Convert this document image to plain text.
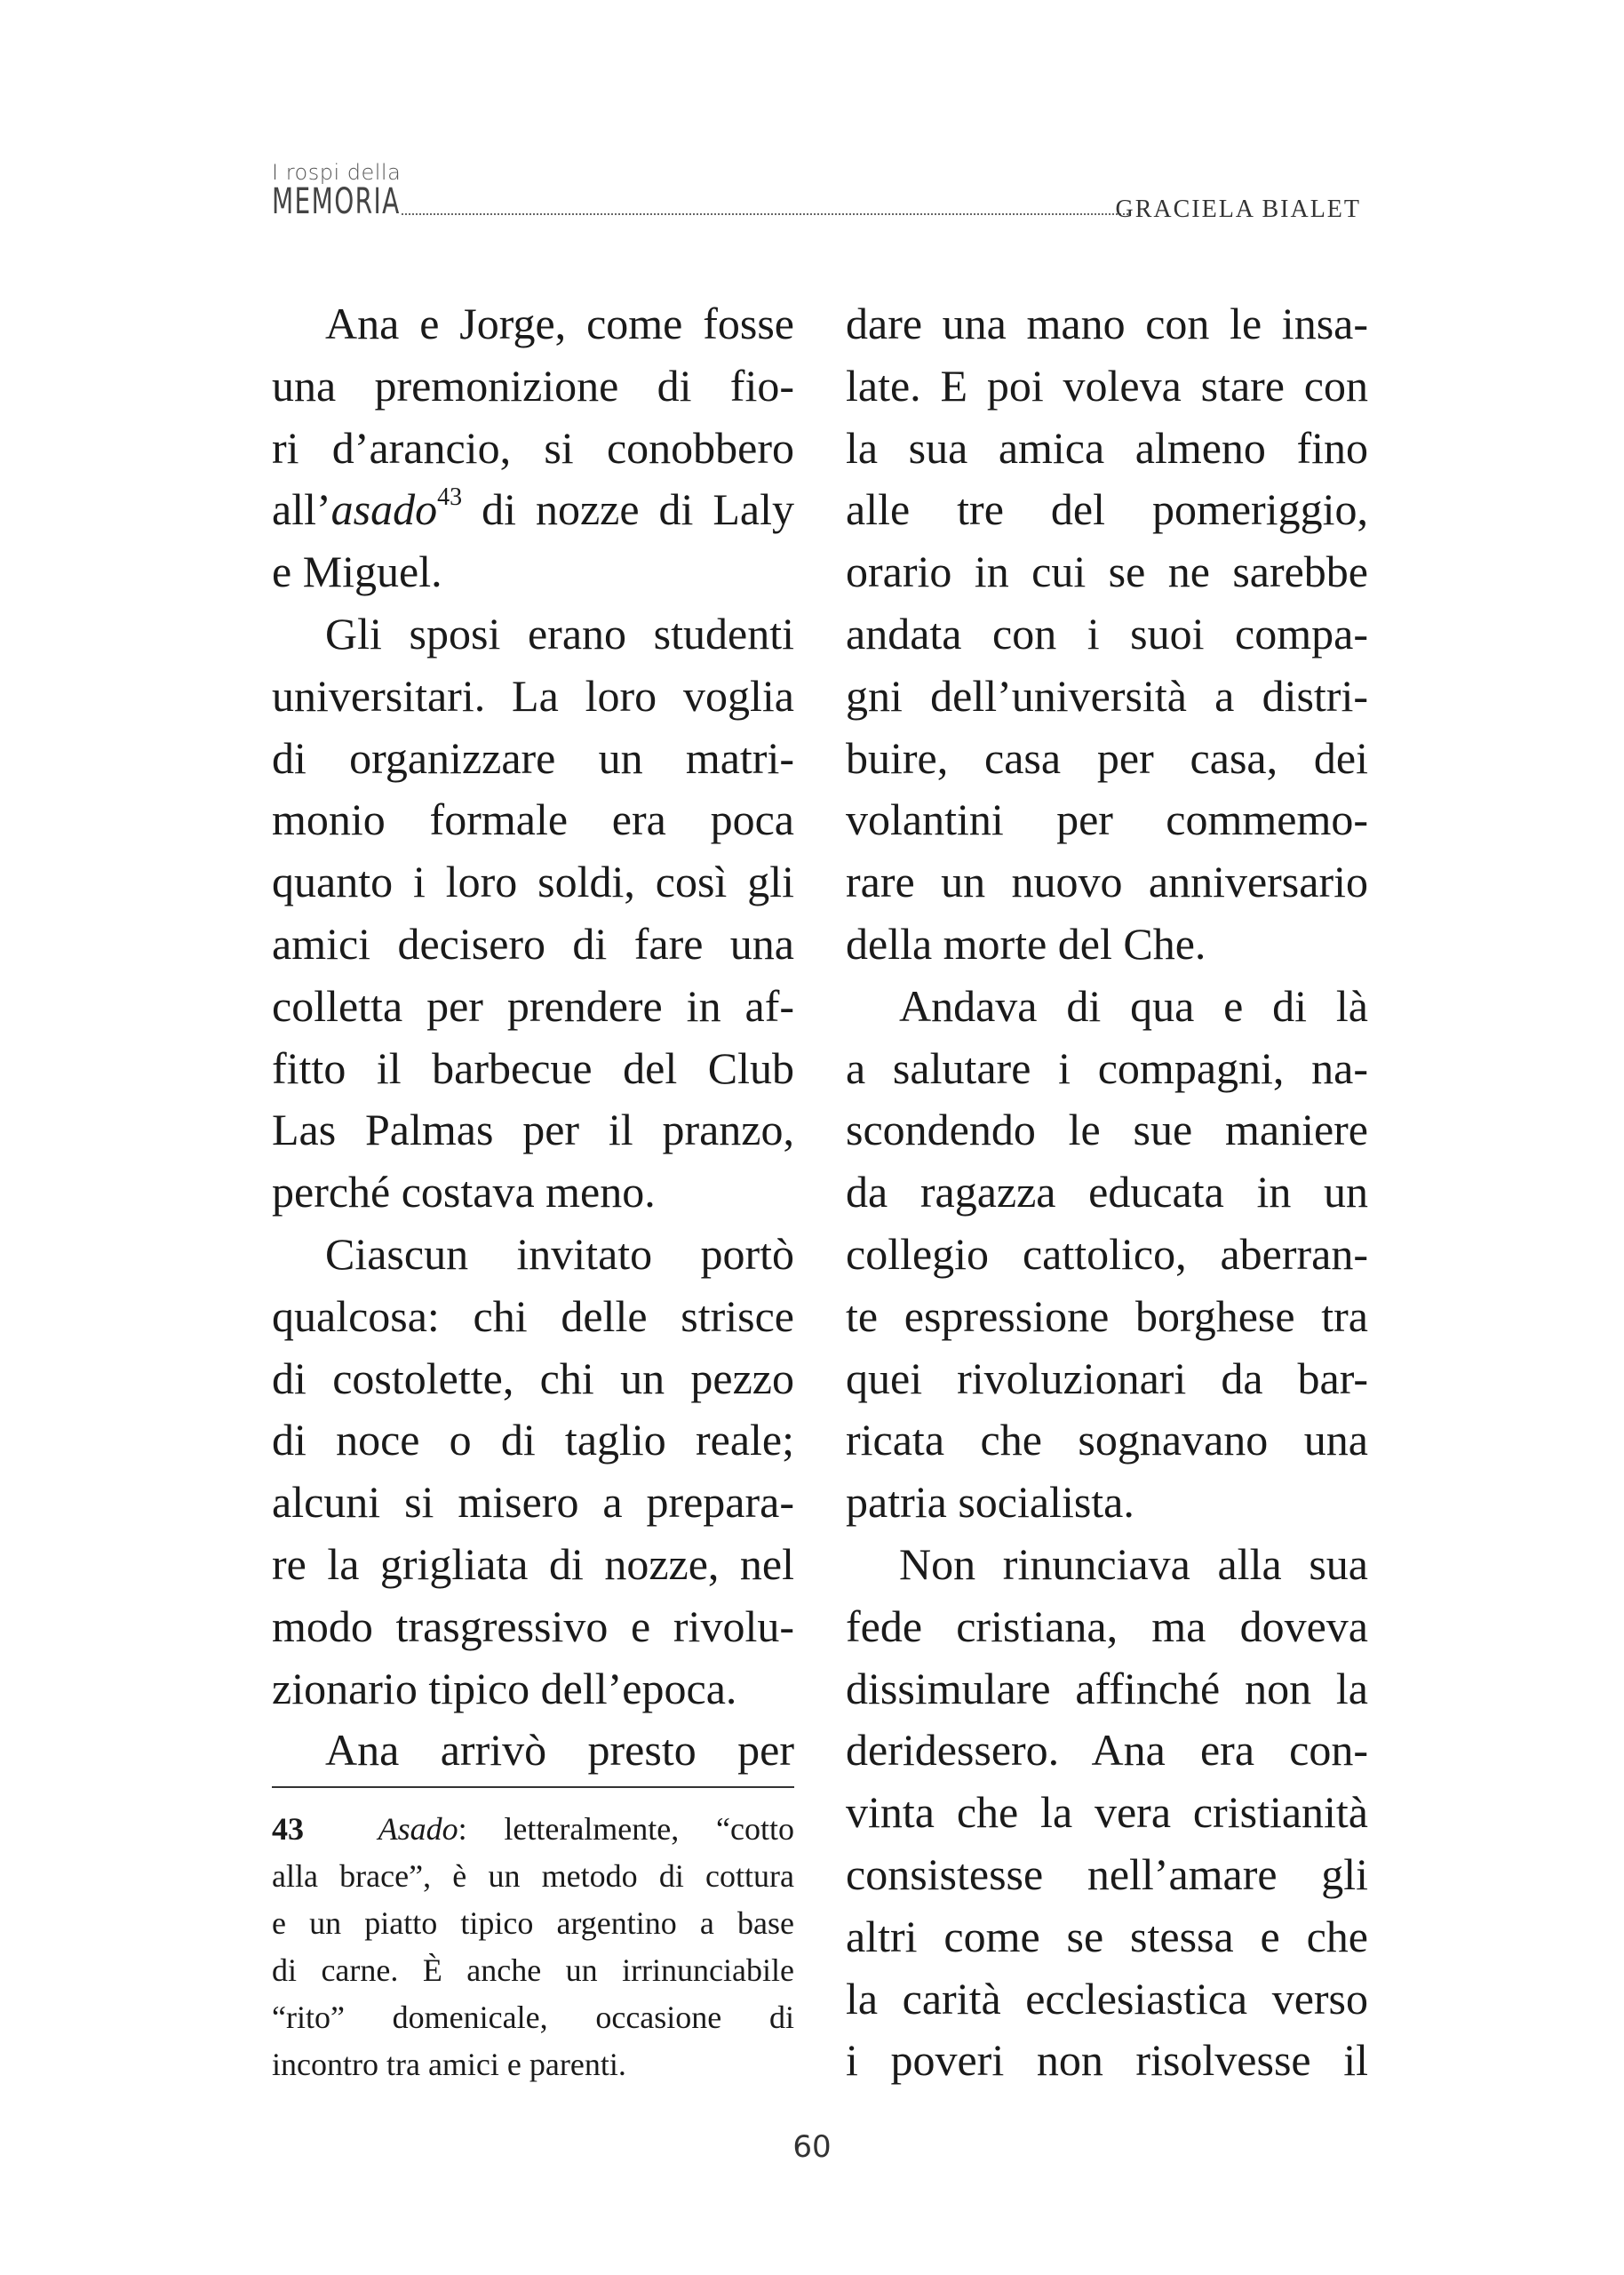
I rospi della
MEMORIA	GRACIELA BIALET
Ana e Jorge, come fosse
una premonizione di fio-
ri d’arancio, si conobbero
all’asado$^{43}$ di nozze di Laly
e Miguel.
Gli sposi erano studenti
universitari. La loro voglia
di organizzare un matri-
monio formale era poca
quanto i loro soldi, così gli
amici decisero di fare una
colletta per prendere in af-
fitto il barbecue del Club
Las Palmas per il pranzo,
perché costava meno.
Ciascun invitato portò
qualcosa: chi delle strisce
di costolette, chi un pezzo
di noce o di taglio reale;
alcuni si misero a prepara-
re la grigliata di nozze, nel
modo trasgressivo e rivolu-
zionario tipico dell’epoca.
Ana arrivò presto per
43 Asado: letteralmente, “cotto
alla brace”, è un metodo di cottura
e un piatto tipico argentino a base
di carne. È anche un irrinunciabile
“rito” domenicale, occasione di
incontro tra amici e parenti.
dare una mano con le insa-
late. E poi voleva stare con
la sua amica almeno fino
alle tre del pomeriggio,
orario in cui se ne sarebbe
andata con i suoi compa-
gni dell’università a distri-
buire, casa per casa, dei
volantini per commemo-
rare un nuovo anniversario
della morte del Che.
Andava di qua e di là
a salutare i compagni, na-
scondendo le sue maniere
da ragazza educata in un
collegio cattolico, aberran-
te espressione borghese tra
quei rivoluzionari da bar-
ricata che sognavano una
patria socialista.
Non rinunciava alla sua
fede cristiana, ma doveva
dissimulare affinché non la
deridessero. Ana era con-
vinta che la vera cristianità
consistesse nell’amare gli
altri come se stessa e che
la carità ecclesiastica verso
i poveri non risolvesse il
60
